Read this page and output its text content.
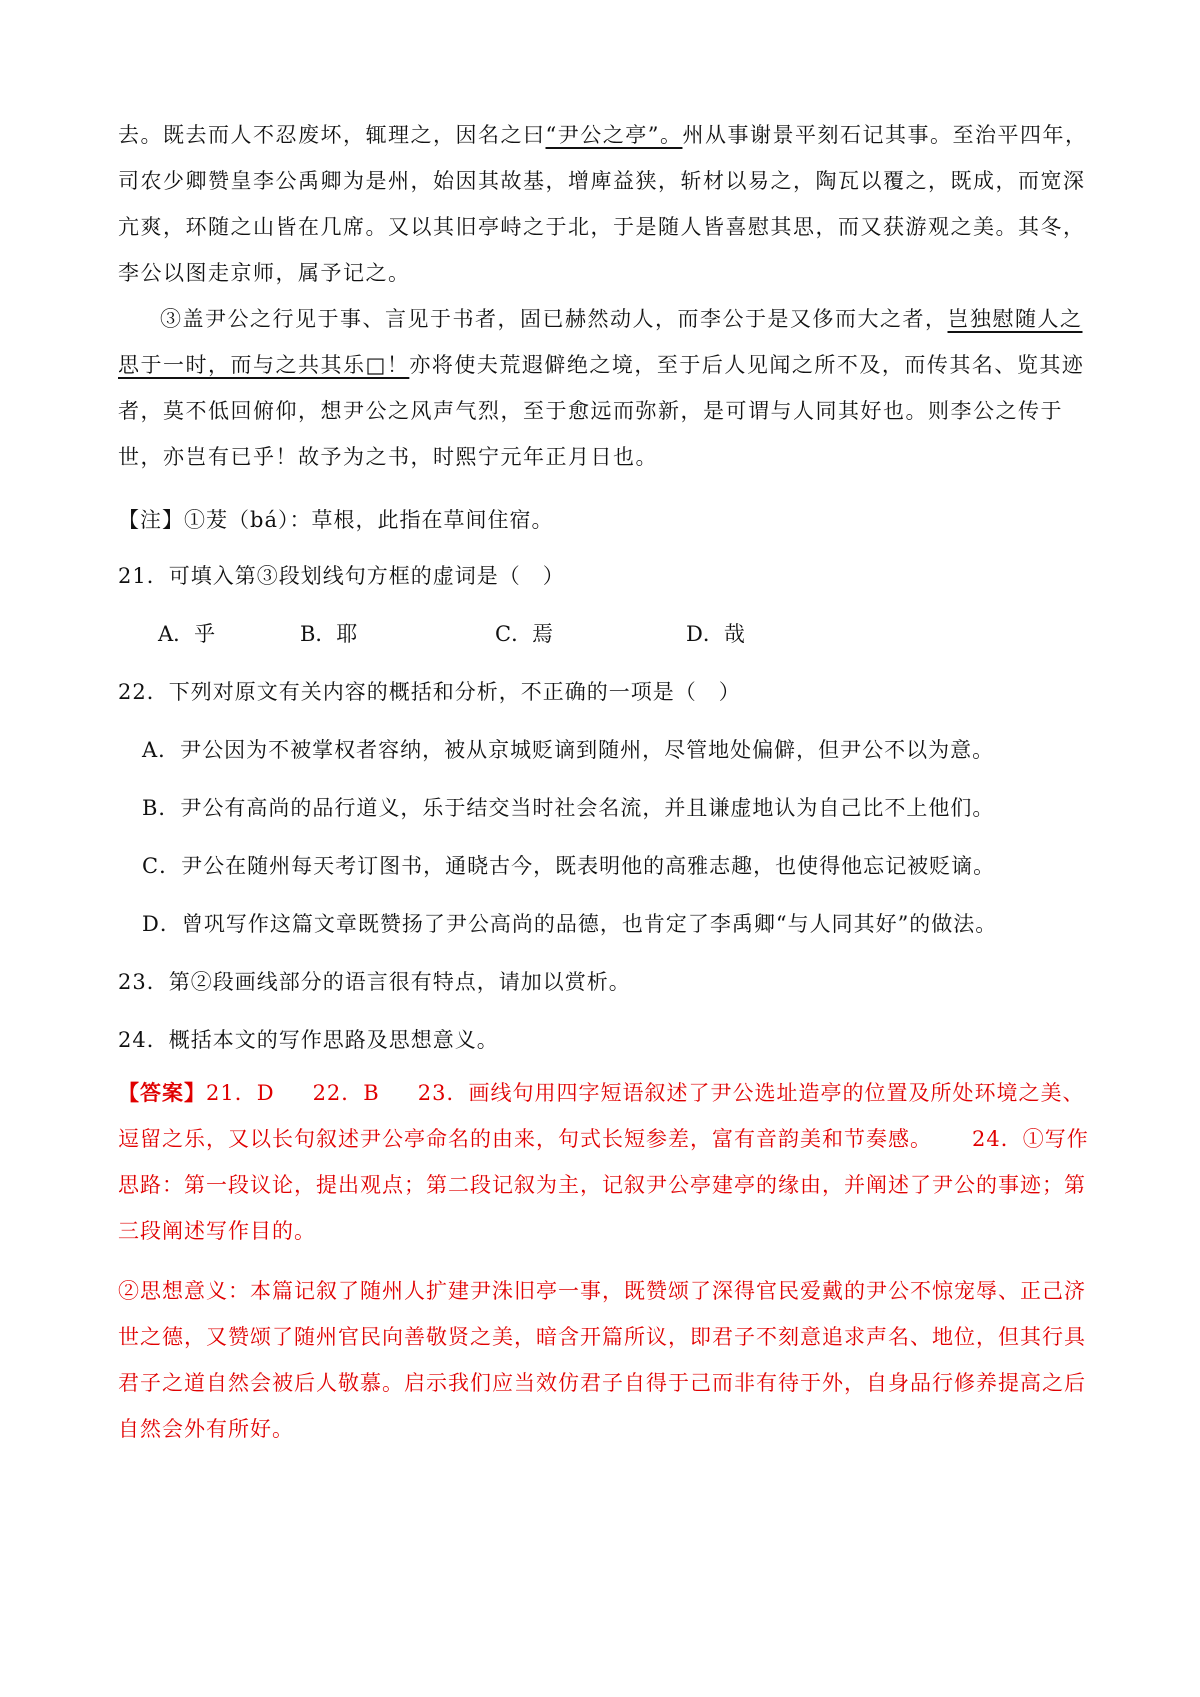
去。既去而人不忍废坏，辄理之，因名之曰“尹公之亭”。州从事谢景平刻石记其事。至治平四年，司农少卿赞皇李公禹卿为是州，始因其故基，增庳益狭，斩材以易之，陶瓦以覆之，既成，而宽深亢爽，环随之山皆在几席。又以其旧亭峙之于北，于是随人皆喜慰其思，而又获游观之美。其冬，李公以图走京师，属予记之。

③盖尹公之行见于事、言见于书者，固已赫然动人，而李公于是又侈而大之者，岂独慰随人之思于一时，而与之共其乐□！亦将使夫荒遐僻绝之境，至于后人见闻之所不及，而传其名、览其迹者，莫不低回俯仰，想尹公之风声气烈，至于愈远而弥新，是可谓与人同其好也。则李公之传于世，亦岂有已乎！故予为之书，时熙宁元年正月日也。

【注】①茇（bá）：草根，此指在草间住宿。

21．可填入第③段划线句方框的虚词是（　）

A．乎	B．耶	C．焉	D．哉

22．下列对原文有关内容的概括和分析，不正确的一项是（　）

A．尹公因为不被掌权者容纳，被从京城贬谪到随州，尽管地处偏僻，但尹公不以为意。

B．尹公有高尚的品行道义，乐于结交当时社会名流，并且谦虚地认为自己比不上他们。

C．尹公在随州每天考订图书，通晓古今，既表明他的高雅志趣，也使得他忘记被贬谪。

D．曾巩写作这篇文章既赞扬了尹公高尚的品德，也肯定了李禹卿“与人同其好”的做法。

23．第②段画线部分的语言很有特点，请加以赏析。

24．概括本文的写作思路及思想意义。

【答案】21．D 22．B 23．画线句用四字短语叙述了尹公选址造亭的位置及所处环境之美、逗留之乐，又以长句叙述尹公亭命名的由来，句式长短参差，富有音韵美和节奏感。 24．①写作思路：第一段议论，提出观点；第二段记叙为主，记叙尹公亭建亭的缘由，并阐述了尹公的事迹；第三段阐述写作目的。

②思想意义：本篇记叙了随州人扩建尹洙旧亭一事，既赞颂了深得官民爱戴的尹公不惊宠辱、正己济世之德，又赞颂了随州官民向善敬贤之美，暗含开篇所议，即君子不刻意追求声名、地位，但其行具君子之道自然会被后人敬慕。启示我们应当效仿君子自得于己而非有待于外，自身品行修养提高之后自然会外有所好。
